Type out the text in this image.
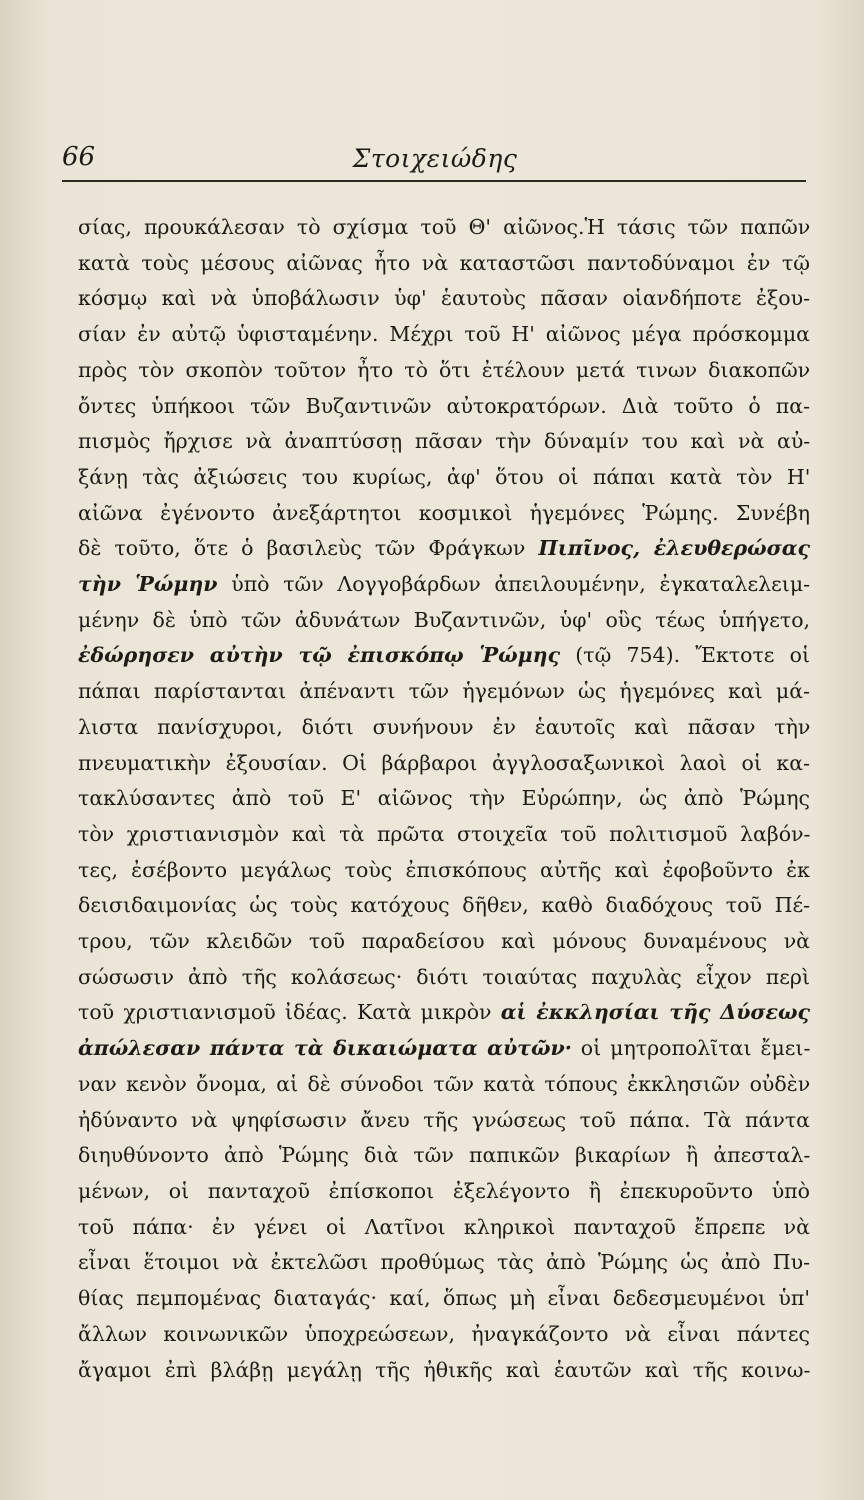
66	Στοιχειώδης
σίας, προυκάλεσαν τὸ σχίσμα τοῦ Θ' αἰῶνος.Ἡ τάσις τῶν παπῶν
κατὰ τοὺς μέσους αἰῶνας ἦτο νὰ καταστῶσι παντοδύναμοι ἐν τῷ
κόσμῳ καὶ νὰ ὑποβάλωσιν ὑφ' ἑαυτοὺς πᾶσαν οἱανδήποτε ἐξου-
σίαν ἐν αὐτῷ ὑφισταμένην. Μέχρι τοῦ Η' αἰῶνος μέγα πρόσκομμα
πρὸς τὸν σκοπὸν τοῦτον ἦτο τὸ ὅτι ἐτέλουν μετά τινων διακοπῶν
ὄντες ὑπήκοοι τῶν Βυζαντινῶν αὐτοκρατόρων. Διὰ τοῦτο ὁ πα-
πισμὸς ἤρχισε νὰ ἀναπτύσσῃ πᾶσαν τὴν δύναμίν του καὶ νὰ αὐ-
ξάνῃ τὰς ἀξιώσεις του κυρίως, ἀφ' ὅτου οἱ πάπαι κατὰ τὸν Η'
αἰῶνα ἐγένοντο ἀνεξάρτητοι κοσμικοὶ ἡγεμόνες Ῥώμης. Συνέβη
δὲ τοῦτο, ὅτε ὁ βασιλεὺς τῶν Φράγκων Πιπῖνος, ἐλευθερώσας
τὴν Ῥώμην ὑπὸ τῶν Λογγοβάρδων ἀπειλουμένην, ἐγκαταλελειμ-
μένην δὲ ὑπὸ τῶν ἀδυνάτων Βυζαντινῶν, ὑφ' οὓς τέως ὑπήγετο,
ἐδώρησεν αὐτὴν τῷ ἐπισκόπῳ Ῥώμης (τῷ 754). Ἔκτοτε οἱ
πάπαι παρίστανται ἀπέναντι τῶν ἡγεμόνων ὡς ἡγεμόνες καὶ μά-
λιστα πανίσχυροι, διότι συνήνουν ἐν ἑαυτοῖς καὶ πᾶσαν τὴν
πνευματικὴν ἐξουσίαν. Οἱ βάρβαροι ἀγγλοσαξωνικοὶ λαοὶ οἱ κα-
τακλύσαντες ἀπὸ τοῦ Ε' αἰῶνος τὴν Εὐρώπην, ὡς ἀπὸ Ῥώμης
τὸν χριστιανισμὸν καὶ τὰ πρῶτα στοιχεῖα τοῦ πολιτισμοῦ λαβόν-
τες, ἐσέβοντο μεγάλως τοὺς ἐπισκόπους αὐτῆς καὶ ἐφοβοῦντο ἐκ
δεισιδαιμονίας ὡς τοὺς κατόχους δῆθεν, καθὸ διαδόχους τοῦ Πέ-
τρου, τῶν κλειδῶν τοῦ παραδείσου καὶ μόνους δυναμένους νὰ
σώσωσιν ἀπὸ τῆς κολάσεως· διότι τοιαύτας παχυλὰς εἶχον περὶ
τοῦ χριστιανισμοῦ ἰδέας. Κατὰ μικρὸν αἱ ἐκκλησίαι τῆς Δύσεως
ἀπώλεσαν πάντα τὰ δικαιώματα αὐτῶν· οἱ μητροπολῖται ἔμει-
ναν κενὸν ὄνομα, αἱ δὲ σύνοδοι τῶν κατὰ τόπους ἐκκλησιῶν οὐδὲν
ἠδύναντο νὰ ψηφίσωσιν ἄνευ τῆς γνώσεως τοῦ πάπα. Τὰ πάντα
διηυθύνοντο ἀπὸ Ῥώμης διὰ τῶν παπικῶν βικαρίων ἢ ἀπεσταλ-
μένων, οἱ πανταχοῦ ἐπίσκοποι ἐξελέγοντο ἢ ἐπεκυροῦντο ὑπὸ
τοῦ πάπα· ἐν γένει οἱ Λατῖνοι κληρικοὶ πανταχοῦ ἔπρεπε νὰ
εἶναι ἕτοιμοι νὰ ἐκτελῶσι προθύμως τὰς ἀπὸ Ῥώμης ὡς ἀπὸ Πυ-
θίας πεμπομένας διαταγάς· καί, ὅπως μὴ εἶναι δεδεσμευμένοι ὑπ'
ἄλλων κοινωνικῶν ὑποχρεώσεων, ἠναγκάζοντο νὰ εἶναι πάντες
ἄγαμοι ἐπὶ βλάβῃ μεγάλῃ τῆς ἠθικῆς καὶ ἑαυτῶν καὶ τῆς κοινω-
